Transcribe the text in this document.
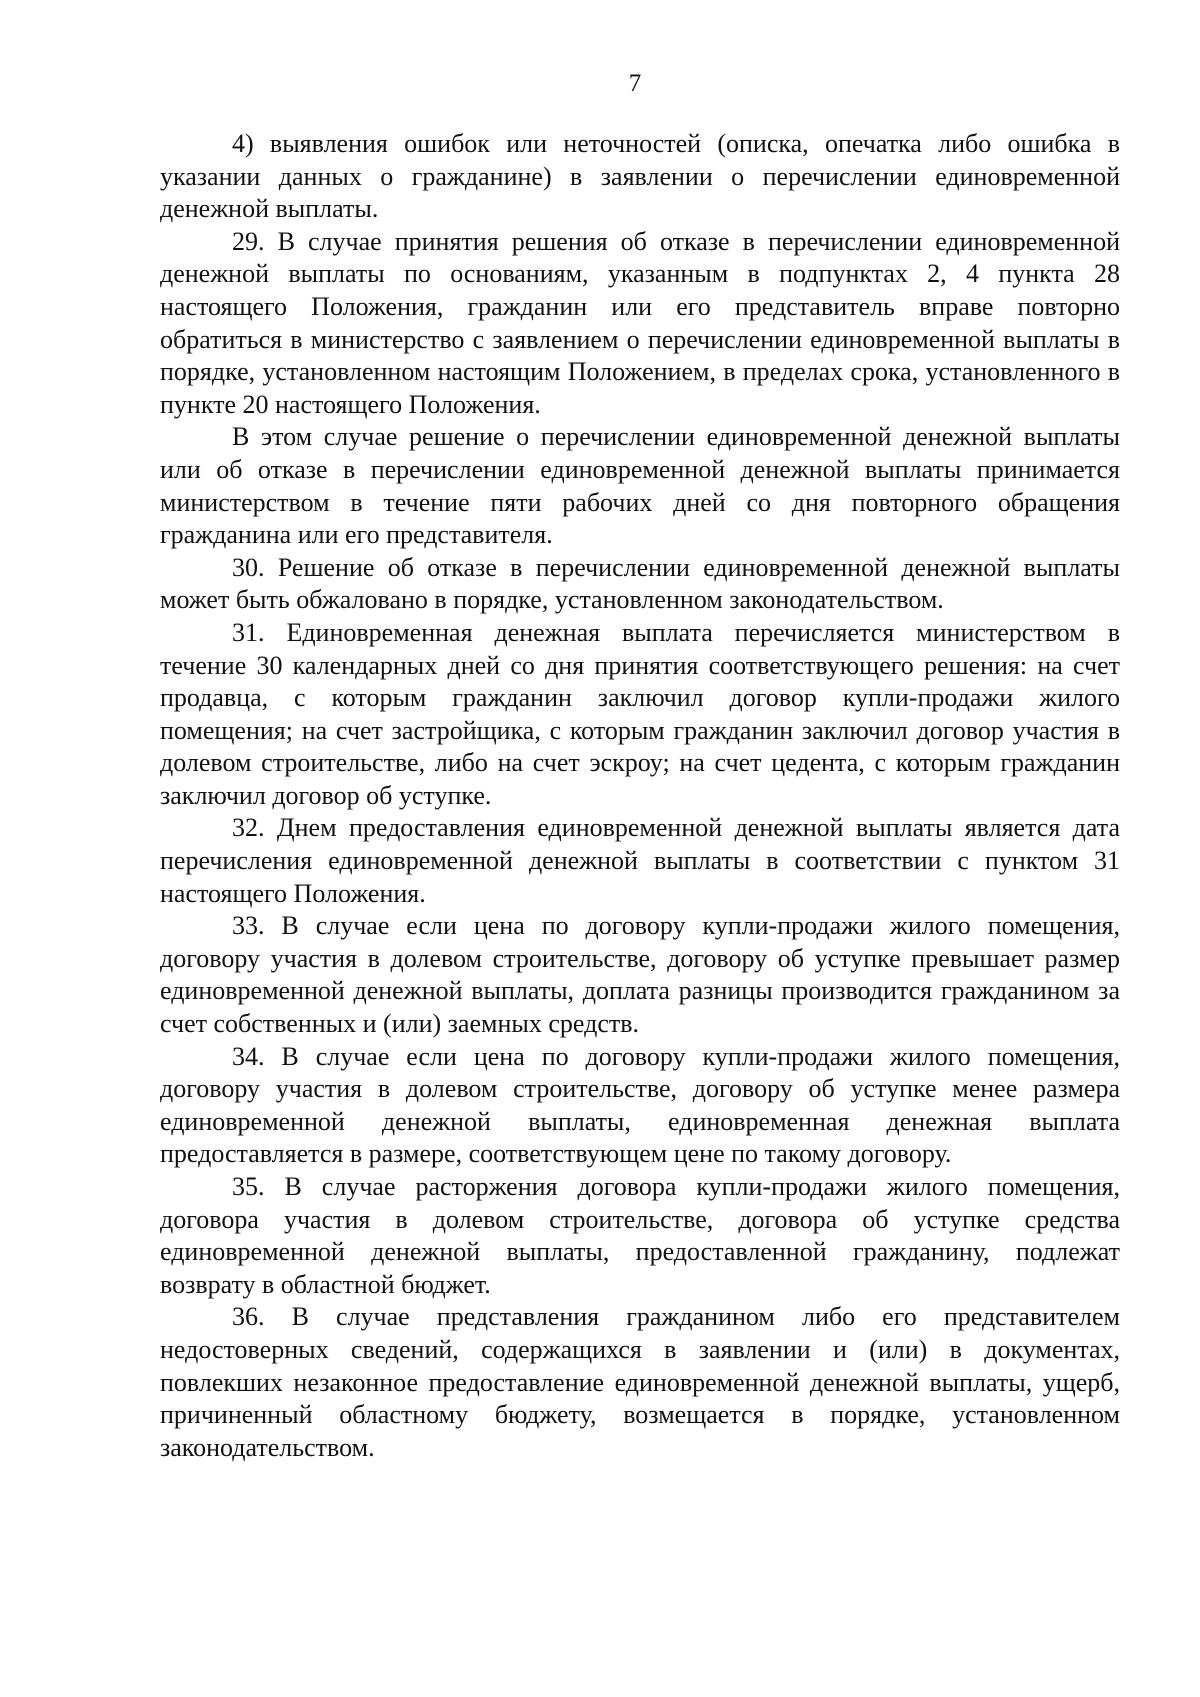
7

4) выявления ошибок или неточностей (описка, опечатка либо ошибка в указании данных о гражданине) в заявлении о перечислении единовременной денежной выплаты.

29. В случае принятия решения об отказе в перечислении единовременной денежной выплаты по основаниям, указанным в подпунктах 2, 4 пункта 28 настоящего Положения, гражданин или его представитель вправе повторно обратиться в министерство с заявлением о перечислении единовременной выплаты в порядке, установленном настоящим Положением, в пределах срока, установленного в пункте 20 настоящего Положения.

В этом случае решение о перечислении единовременной денежной выплаты или об отказе в перечислении единовременной денежной выплаты принимается министерством в течение пяти рабочих дней со дня повторного обращения гражданина или его представителя.

30. Решение об отказе в перечислении единовременной денежной выплаты может быть обжаловано в порядке, установленном законодательством.

31. Единовременная денежная выплата перечисляется министерством в течение 30 календарных дней со дня принятия соответствующего решения: на счет продавца, с которым гражданин заключил договор купли-продажи жилого помещения; на счет застройщика, с которым гражданин заключил договор участия в долевом строительстве, либо на счет эскроу; на счет цедента, с которым гражданин заключил договор об уступке.

32. Днем предоставления единовременной денежной выплаты является дата перечисления единовременной денежной выплаты в соответствии с пунктом 31 настоящего Положения.

33. В случае если цена по договору купли-продажи жилого помещения, договору участия в долевом строительстве, договору об уступке превышает размер единовременной денежной выплаты, доплата разницы производится гражданином за счет собственных и (или) заемных средств.

34. В случае если цена по договору купли-продажи жилого помещения, договору участия в долевом строительстве, договору об уступке менее размера единовременной денежной выплаты, единовременная денежная выплата предоставляется в размере, соответствующем цене по такому договору.

35. В случае расторжения договора купли-продажи жилого помещения, договора участия в долевом строительстве, договора об уступке средства единовременной денежной выплаты, предоставленной гражданину, подлежат возврату в областной бюджет.

36. В случае представления гражданином либо его представителем недостоверных сведений, содержащихся в заявлении и (или) в документах, повлекших незаконное предоставление единовременной денежной выплаты, ущерб, причиненный областному бюджету, возмещается в порядке, установленном законодательством.
